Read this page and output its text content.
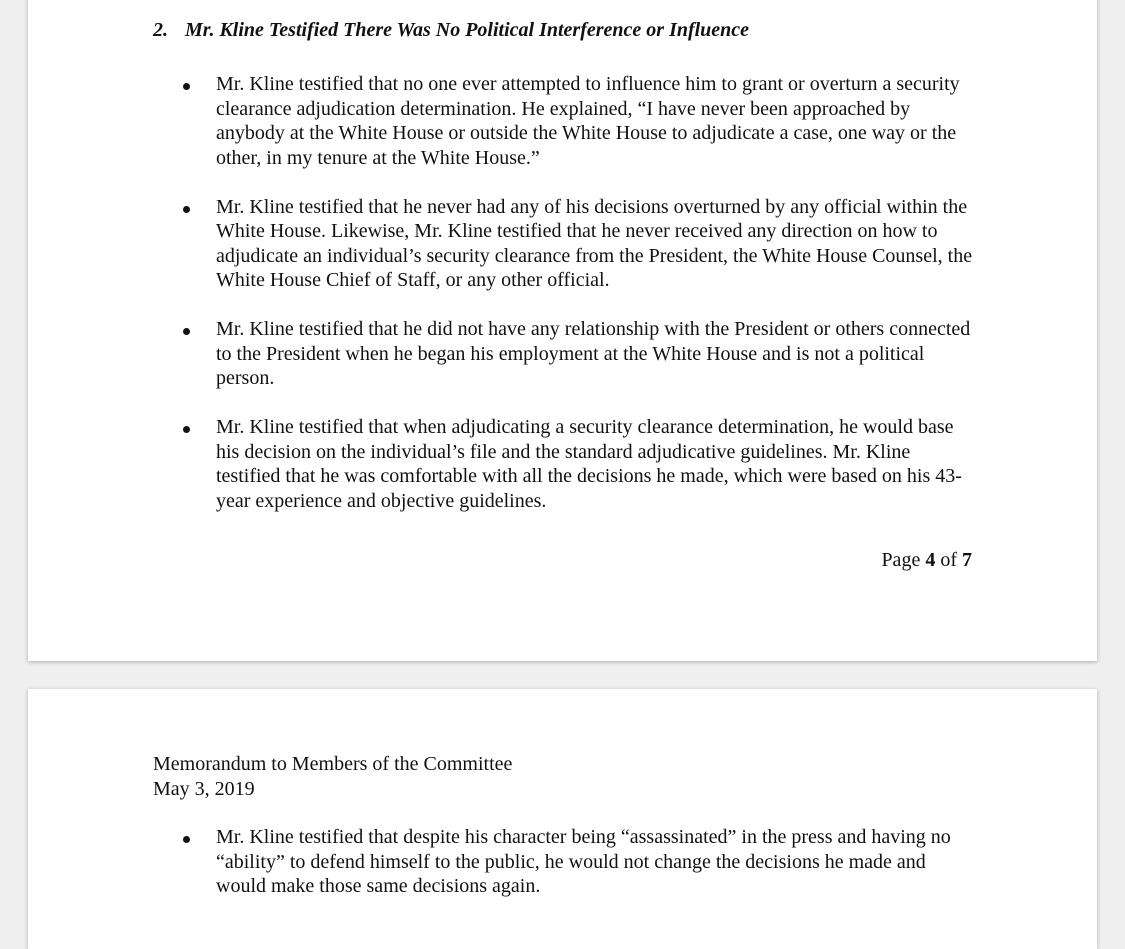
2. Mr. Kline Testified There Was No Political Interference or Influence
Mr. Kline testified that no one ever attempted to influence him to grant or overturn a security clearance adjudication determination. He explained, “I have never been approached by anybody at the White House or outside the White House to adjudicate a case, one way or the other, in my tenure at the White House.”
Mr. Kline testified that he never had any of his decisions overturned by any official within the White House. Likewise, Mr. Kline testified that he never received any direction on how to adjudicate an individual’s security clearance from the President, the White House Counsel, the White House Chief of Staff, or any other official.
Mr. Kline testified that he did not have any relationship with the President or others connected to the President when he began his employment at the White House and is not a political person.
Mr. Kline testified that when adjudicating a security clearance determination, he would base his decision on the individual’s file and the standard adjudicative guidelines. Mr. Kline testified that he was comfortable with all the decisions he made, which were based on his 43-year experience and objective guidelines.
Page 4 of 7
Memorandum to Members of the Committee
May 3, 2019
Mr. Kline testified that despite his character being “assassinated” in the press and having no “ability” to defend himself to the public, he would not change the decisions he made and would make those same decisions again.
